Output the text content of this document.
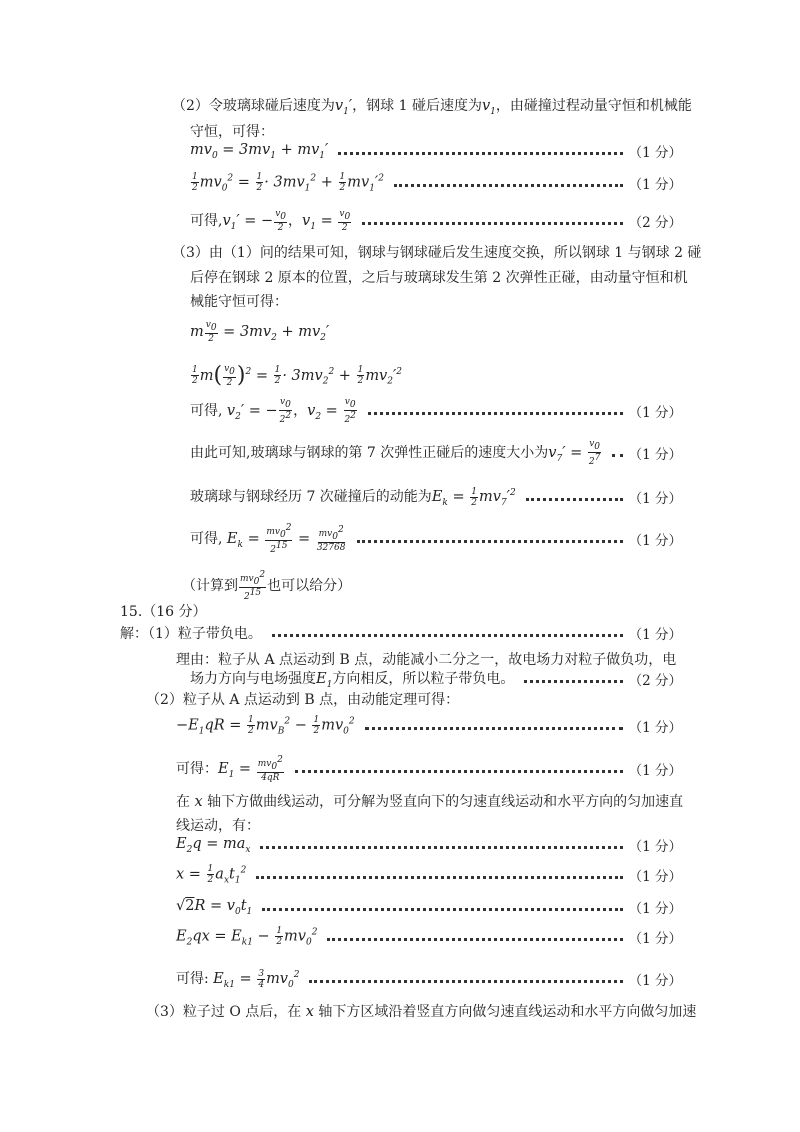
（2）令玻璃球碰后速度为$v_1'$，钢球 1 碰后速度为$v_1$，由碰撞过程动量守恒和机械能
守恒，可得：
$mv_0 = 3mv_1 + mv_1'$	（1 分）
$\frac{1}{2} mv_0^2 = \frac{1}{2} \cdot 3mv_1^2 + \frac{1}{2} mv_1'^2$	（1 分）
可得$,v_1'$ = − $\frac{v_0}{2}$ ，$v_1 = \frac{v_0}{2}$	（2 分）
（3）由（1）问的结果可知，钢球与钢球碰后发生速度交换，所以钢球 1 与钢球 2 碰
后停在钢球 2 原本的位置，之后与玻璃球发生第 2 次弹性正碰，由动量守恒和机
械能守恒可得：
m $\frac{v_0}{2} = 3mv_2 + mv_2'$
$\frac{1}{2} m( \frac{v_0}{2} )^2 = \frac{1}{2} \cdot 3mv_2^2 + \frac{1}{2} mv_2'^2$
可得, $v_2'$ = − $\frac{v_0}{2^2}$ ，$v_2 = \frac{v_0}{2^2}$	（1 分）
由此可知,玻璃球与钢球的第 7 次弹性正碰后的速度大小为$v_7' = \frac{v_0}{2^7} (1$ 分）
玻璃球与钢球经历 7 次碰撞后的动能为$E_k = \frac{1}{2} mv_7'^2$	（1 分）
可得, $E_k = \frac{mv_0^2}{2^{15}} = \frac{mv_0^2}{32768}$	（1 分）
（计算到 $\frac{mv_0^2}{2^{15}}$ 也可以给分）
15.（16 分）
解：（1）粒子带负电。	（1 分）
理由：粒子从 A 点运动到 B 点，动能减小二分之一，故电场力对粒子做负功，电
场力方向与电场强度$E_1$方向相反，所以粒子带负电。	（2 分）
（2）粒子从 A 点运动到 B 点，由动能定理可得：
$-E_1qR = \frac{1}{2} mv_B^2 - \frac{1}{2} mv_0^2$	（1 分）
可得：$E_1 = \frac{mv_0^2}{4qR}$	（1 分）
在 x 轴下方做曲线运动，可分解为竖直向下的匀速直线运动和水平方向的匀加速直
线运动，有：
$E_2q = ma_x$	（1 分）
$x = \frac{1}{2} a_xt_1^2$	（1 分）
$√2R = v_0t_1$	（1 分）
$E_2qx = E_{k1} - \frac{1}{2} mv_0^2$	（1 分）
可得: $E_{k1} = \frac{3}{4} mv_0^2$	（1 分）
（3）粒子过 O 点后，在 x 轴下方区域沿着竖直方向做匀速直线运动和水平方向做匀加速
